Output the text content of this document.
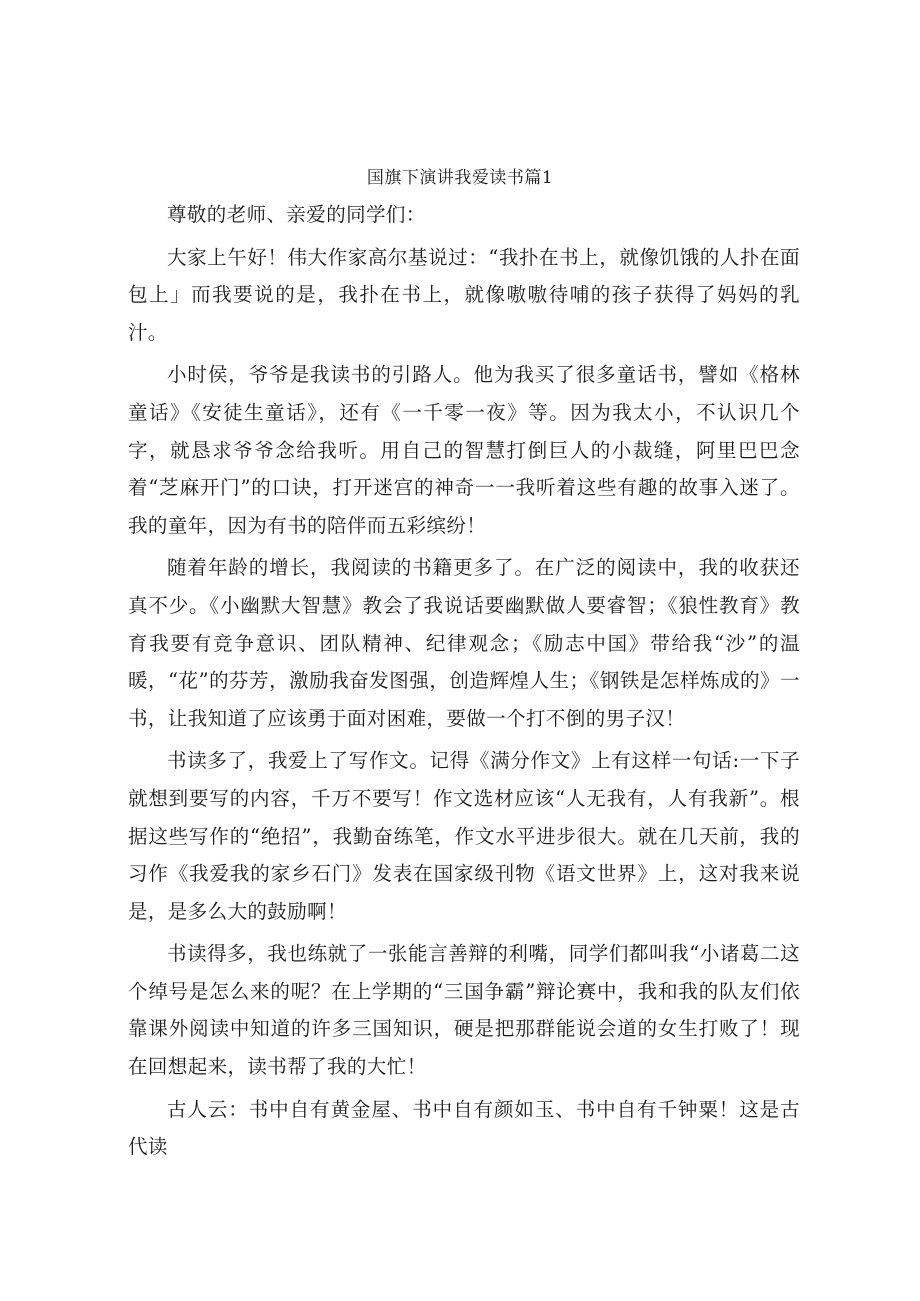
国旗下演讲我爱读书篇1

尊敬的老师、亲爱的同学们：

大家上午好！伟大作家高尔基说过：“我扑在书上，就像饥饿的人扑在面包上」而我要说的是，我扑在书上，就像嗷嗷待哺的孩子获得了妈妈的乳汁。

小时侯，爷爷是我读书的引路人。他为我买了很多童话书，譬如《格林童话》《安徒生童话》，还有《一千零一夜》等。因为我太小，不认识几个字，就恳求爷爷念给我听。用自己的智慧打倒巨人的小裁缝，阿里巴巴念着“芝麻开门”的口诀，打开迷宫的神奇一一我听着这些有趣的故事入迷了。我的童年，因为有书的陪伴而五彩缤纷！

随着年龄的增长，我阅读的书籍更多了。在广泛的阅读中，我的收获还真不少。《小幽默大智慧》教会了我说话要幽默做人要睿智；《狼性教育》教育我要有竞争意识、团队精神、纪律观念；《励志中国》带给我“沙”的温暖，“花”的芬芳，激励我奋发图强，创造辉煌人生；《钢铁是怎样炼成的》一书，让我知道了应该勇于面对困难，要做一个打不倒的男子汉！

书读多了，我爱上了写作文。记得《满分作文》上有这样一句话:一下子就想到要写的内容，千万不要写！作文选材应该“人无我有，人有我新”。根据这些写作的“绝招”，我勤奋练笔，作文水平进步很大。就在几天前，我的习作《我爱我的家乡石门》发表在国家级刊物《语文世界》上，这对我来说是，是多么大的鼓励啊！

书读得多，我也练就了一张能言善辩的利嘴，同学们都叫我“小诸葛二这个绰号是怎么来的呢？在上学期的“三国争霸”辩论赛中，我和我的队友们依靠课外阅读中知道的许多三国知识，硬是把那群能说会道的女生打败了！现在回想起来，读书帮了我的大忙！

古人云：书中自有黄金屋、书中自有颜如玉、书中自有千钟粟！这是古代读
